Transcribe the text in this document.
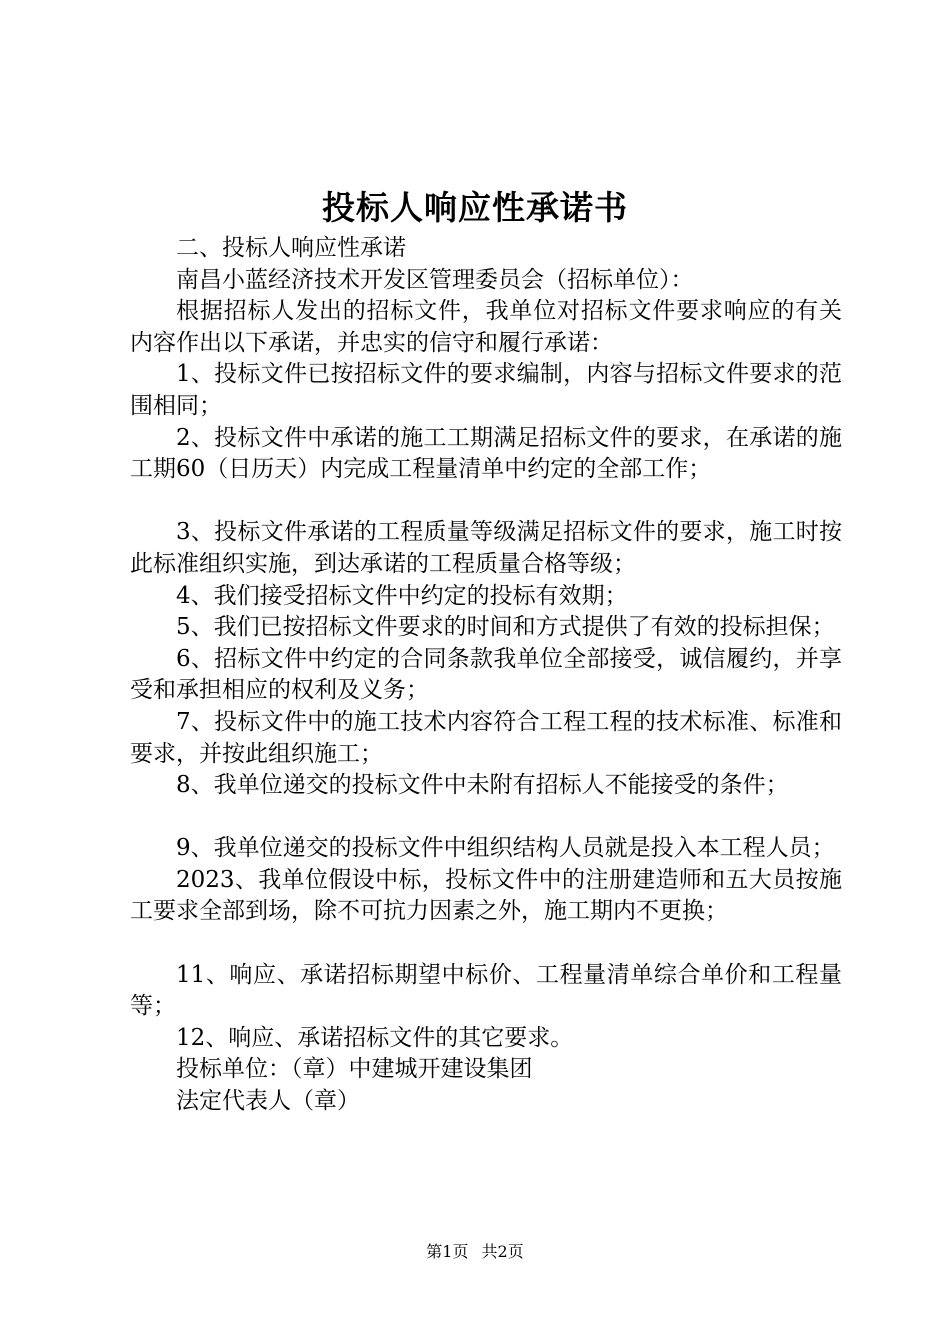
投标人响应性承诺书

二、投标人响应性承诺

南昌小蓝经济技术开发区管理委员会（招标单位）：

根据招标人发出的招标文件，我单位对招标文件要求响应的有关内容作出以下承诺，并忠实的信守和履行承诺：

1、投标文件已按招标文件的要求编制，内容与招标文件要求的范围相同；

2、投标文件中承诺的施工工期满足招标文件的要求，在承诺的施工期60（日历天）内完成工程量清单中约定的全部工作；

3、投标文件承诺的工程质量等级满足招标文件的要求，施工时按此标准组织实施，到达承诺的工程质量合格等级；

4、我们接受招标文件中约定的投标有效期；

5、我们已按招标文件要求的时间和方式提供了有效的投标担保；

6、招标文件中约定的合同条款我单位全部接受，诚信履约，并享受和承担相应的权利及义务；

7、投标文件中的施工技术内容符合工程工程的技术标准、标准和要求，并按此组织施工；

8、我单位递交的投标文件中未附有招标人不能接受的条件；

9、我单位递交的投标文件中组织结构人员就是投入本工程人员；

2023、我单位假设中标，投标文件中的注册建造师和五大员按施工要求全部到场，除不可抗力因素之外，施工期内不更换；

11、响应、承诺招标期望中标价、工程量清单综合单价和工程量等；

12、响应、承诺招标文件的其它要求。

投标单位：（章）中建城开建设集团

法定代表人（章）

第1页 共2页
